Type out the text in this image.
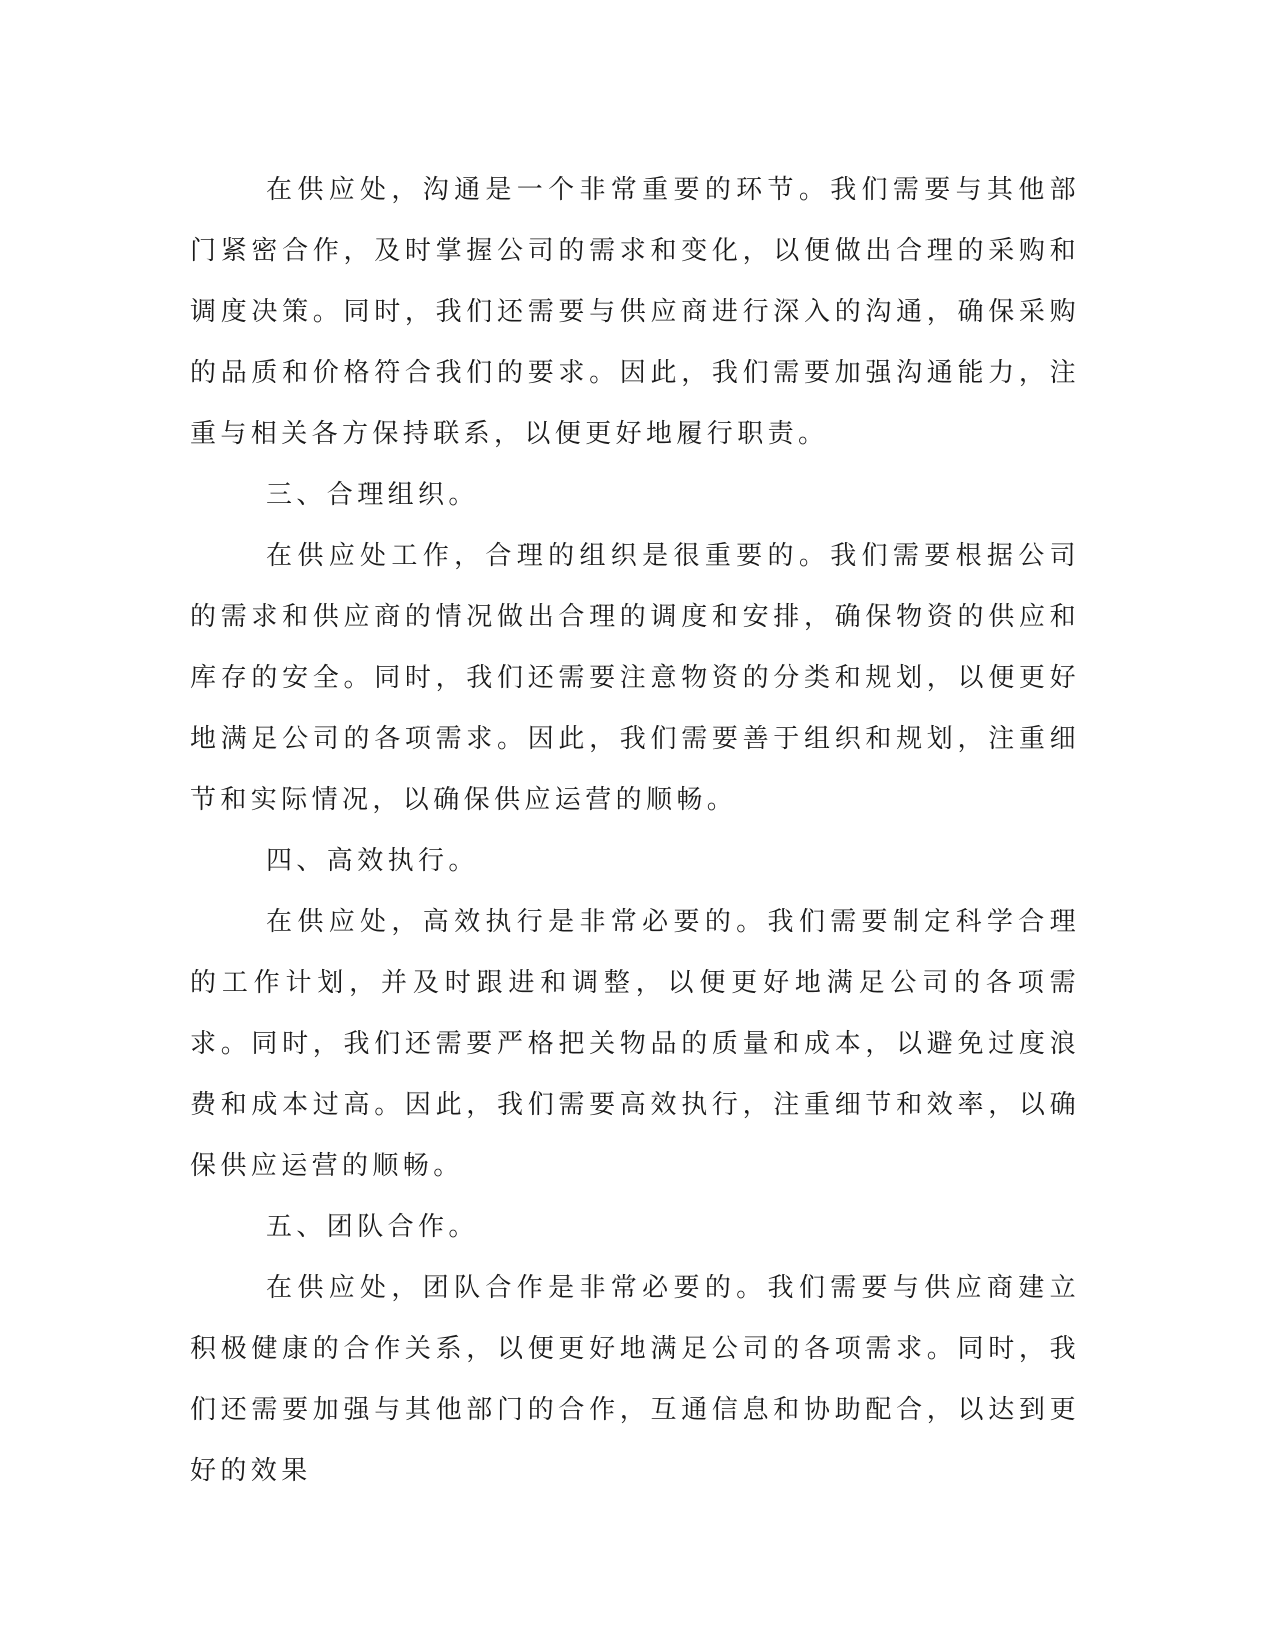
在供应处，沟通是一个非常重要的环节。我们需要与其他部门紧密合作，及时掌握公司的需求和变化，以便做出合理的采购和调度决策。同时，我们还需要与供应商进行深入的沟通，确保采购的品质和价格符合我们的要求。因此，我们需要加强沟通能力，注重与相关各方保持联系，以便更好地履行职责。

三、合理组织。

在供应处工作，合理的组织是很重要的。我们需要根据公司的需求和供应商的情况做出合理的调度和安排，确保物资的供应和库存的安全。同时，我们还需要注意物资的分类和规划，以便更好地满足公司的各项需求。因此，我们需要善于组织和规划，注重细节和实际情况，以确保供应运营的顺畅。

四、高效执行。

在供应处，高效执行是非常必要的。我们需要制定科学合理的工作计划，并及时跟进和调整，以便更好地满足公司的各项需求。同时，我们还需要严格把关物品的质量和成本，以避免过度浪费和成本过高。因此，我们需要高效执行，注重细节和效率，以确保供应运营的顺畅。

五、团队合作。

在供应处，团队合作是非常必要的。我们需要与供应商建立积极健康的合作关系，以便更好地满足公司的各项需求。同时，我们还需要加强与其他部门的合作，互通信息和协助配合，以达到更好的效果
